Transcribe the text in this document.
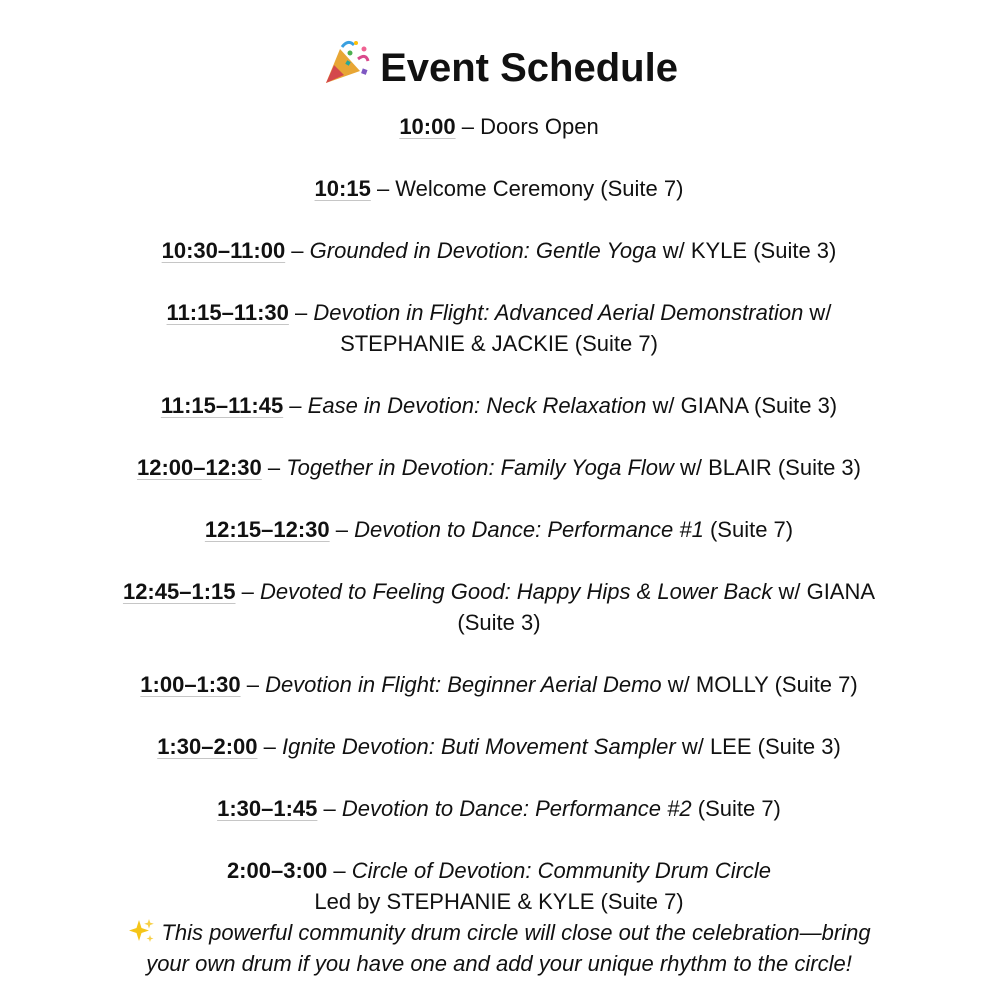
Event Schedule
10:00 – Doors Open
10:15 – Welcome Ceremony (Suite 7)
10:30–11:00 – Grounded in Devotion: Gentle Yoga w/ KYLE (Suite 3)
11:15–11:30 – Devotion in Flight: Advanced Aerial Demonstration w/
STEPHANIE & JACKIE (Suite 7)
11:15–11:45 – Ease in Devotion: Neck Relaxation w/ GIANA (Suite 3)
12:00–12:30 – Together in Devotion: Family Yoga Flow w/ BLAIR (Suite 3)
12:15–12:30 – Devotion to Dance: Performance #1 (Suite 7)
12:45–1:15 – Devoted to Feeling Good: Happy Hips & Lower Back w/ GIANA
(Suite 3)
1:00–1:30 – Devotion in Flight: Beginner Aerial Demo w/ MOLLY (Suite 7)
1:30–2:00 – Ignite Devotion: Buti Movement Sampler w/ LEE (Suite 3)
1:30–1:45 – Devotion to Dance: Performance #2 (Suite 7)
2:00–3:00 – Circle of Devotion: Community Drum Circle
Led by STEPHANIE & KYLE (Suite 7)
This powerful community drum circle will close out the celebration—bring
your own drum if you have one and add your unique rhythm to the circle!
